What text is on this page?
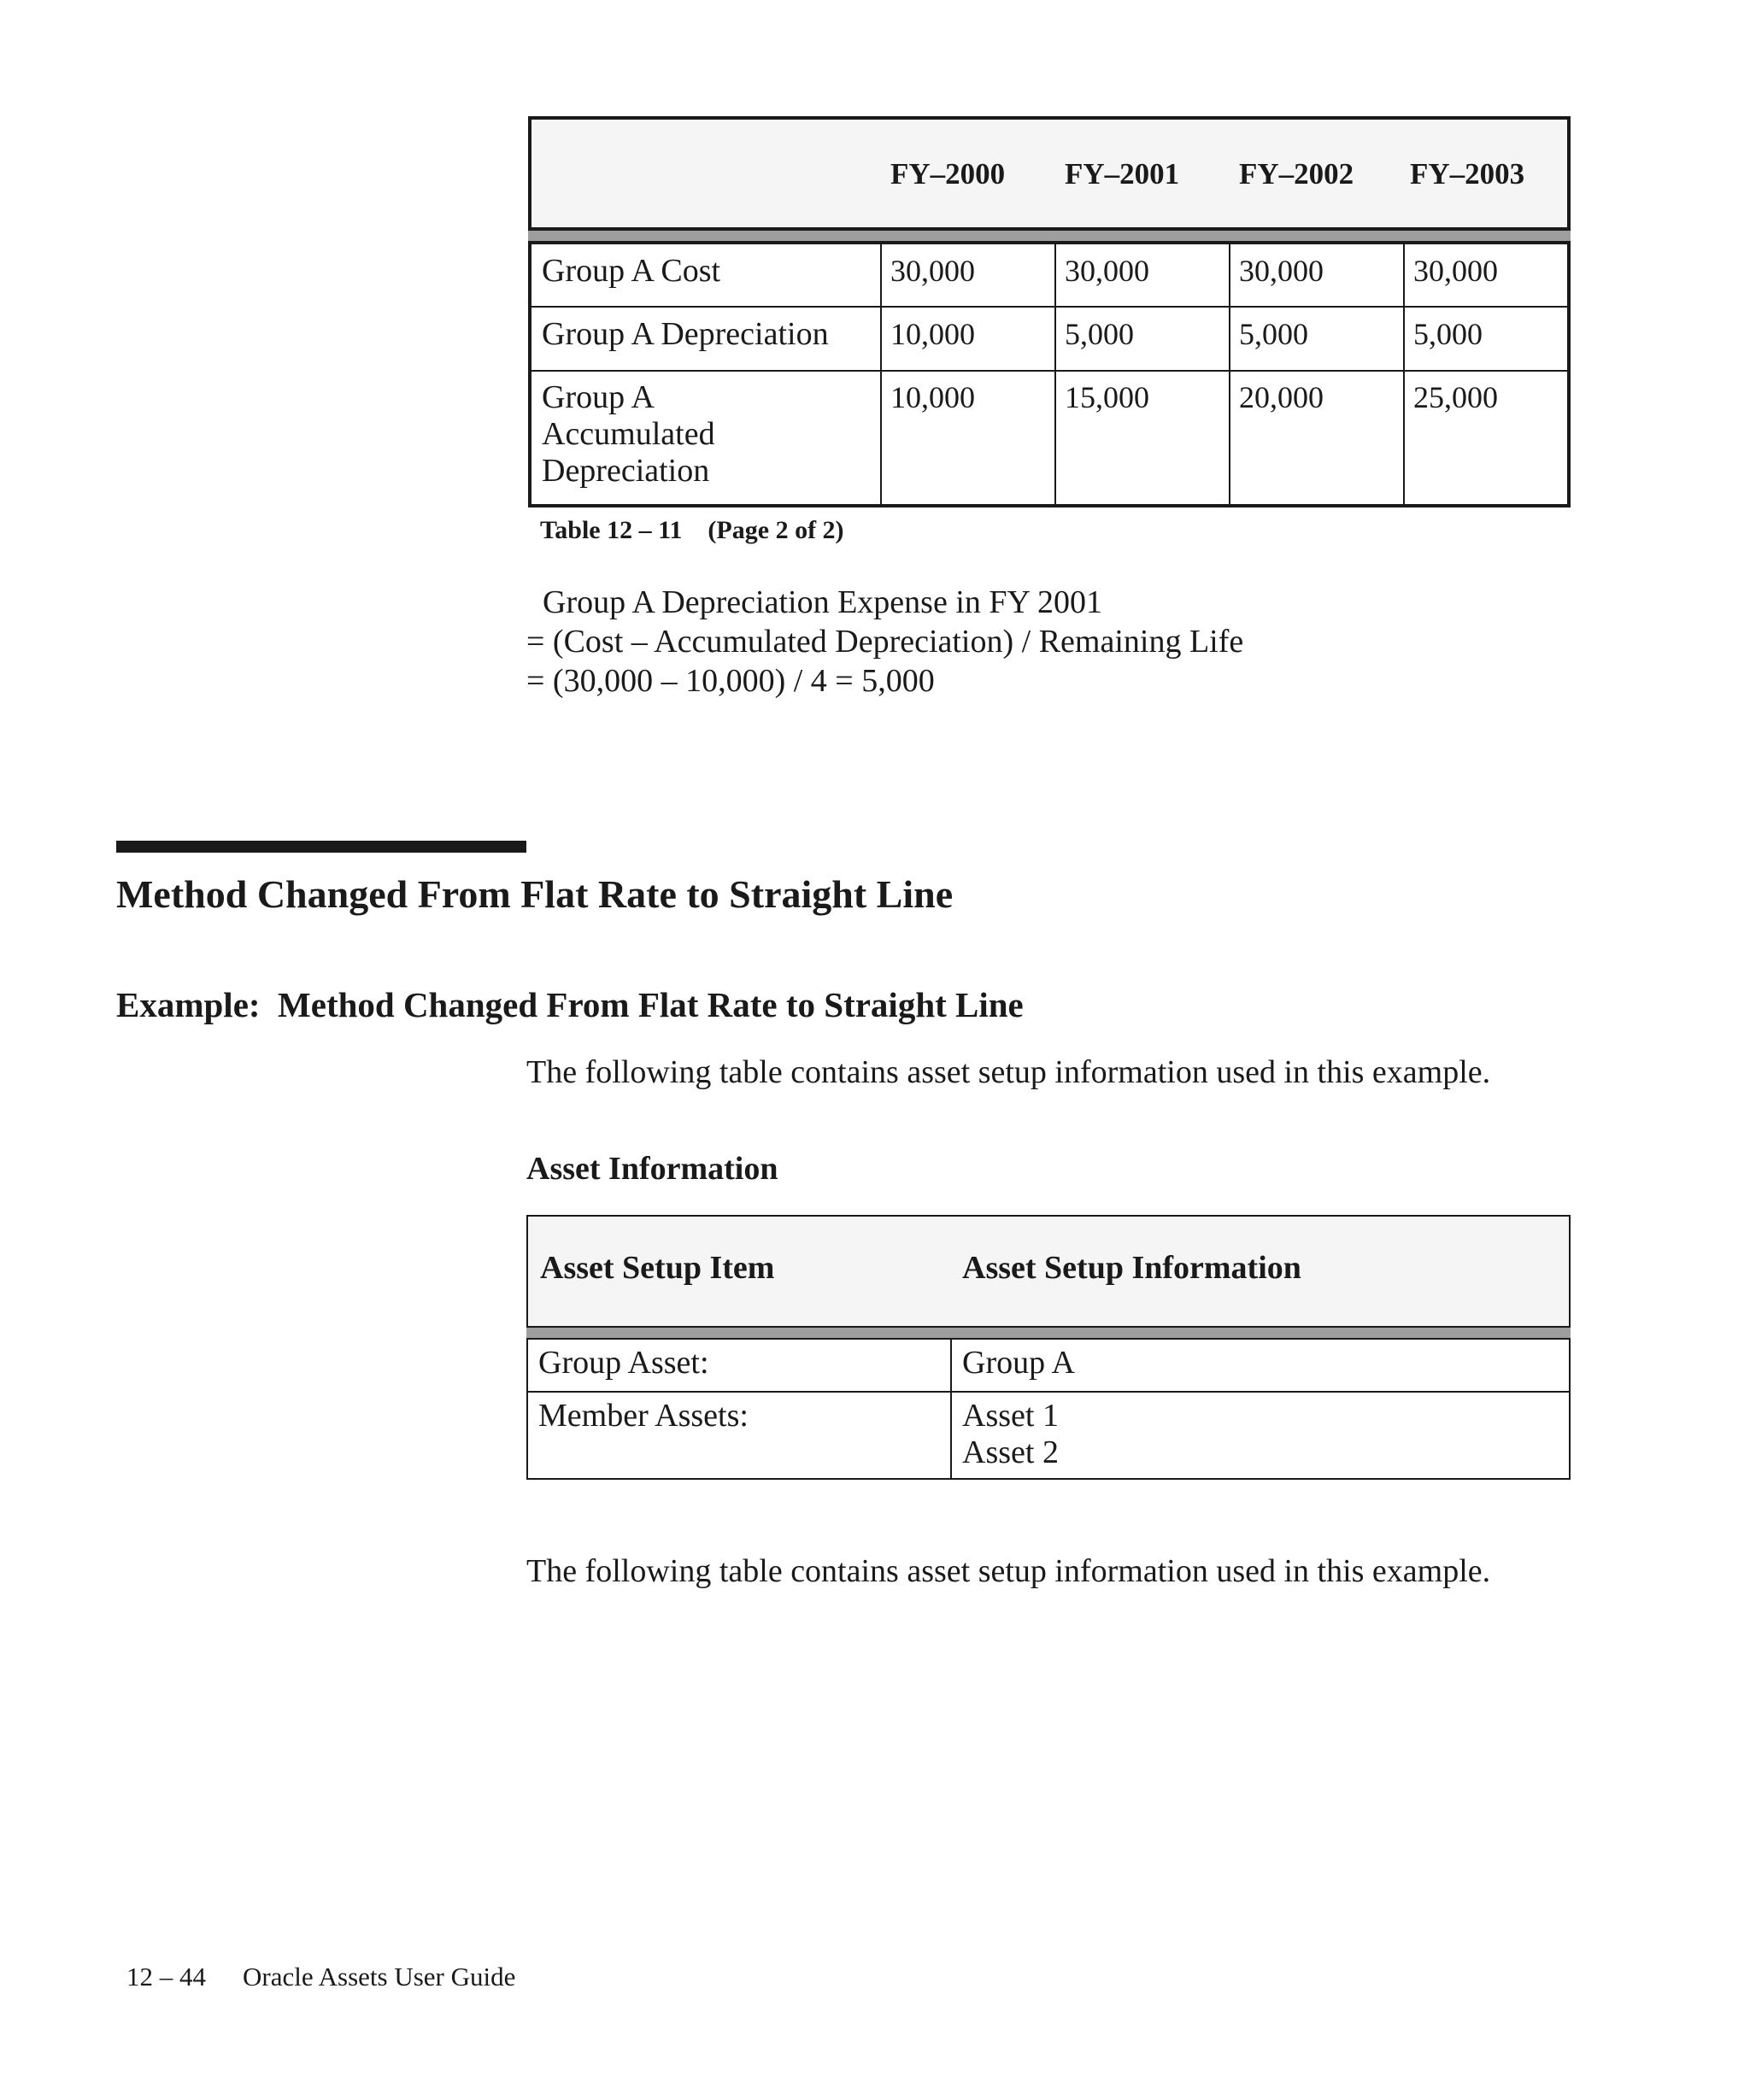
FY–2000 FY–2001 FY–2002 FY–2003
Group A Cost	30,000	30,000	30,000	30,000
Group A Depreciation 10,000	5,000	5,000	5,000
Group A
Accumulated
Depreciation
10,000	15,000	20,000	25,000
Table 12 – 11    (Page 2 of 2)
Group A Depreciation Expense in FY 2001
= (Cost – Accumulated Depreciation) / Remaining Life
= (30,000 – 10,000) / 4 = 5,000
Method Changed From Flat Rate to Straight Line
Example:  Method Changed From Flat Rate to Straight Line
The following table contains asset setup information used in this example.
Asset Information
Asset Setup Item	Asset Setup Information
Group Asset:	Group A
Member Assets:	Asset 1
Asset 2
The following table contains asset setup information used in this example.
12 – 44 Oracle Assets User Guide
